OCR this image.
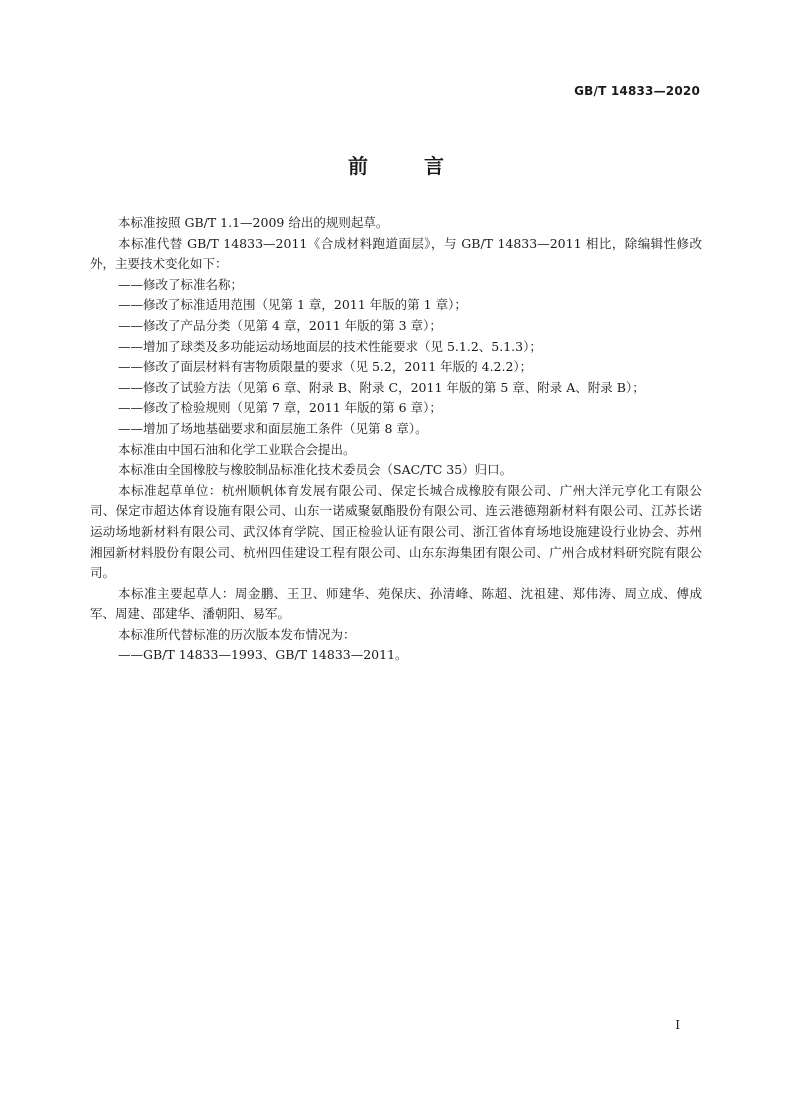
GB/T 14833—2020
前	言

本标准按照 GB/T 1.1—2009 给出的规则起草。

本标准代替 GB/T 14833—2011《合成材料跑道面层》，与 GB/T 14833—2011 相比，除编辑性修改外，主要技术变化如下：

——修改了标准名称；

——修改了标准适用范围（见第 1 章，2011 年版的第 1 章）；

——修改了产品分类（见第 4 章，2011 年版的第 3 章）；

——增加了球类及多功能运动场地面层的技术性能要求（见 5.1.2、5.1.3）；

——修改了面层材料有害物质限量的要求（见 5.2，2011 年版的 4.2.2）；

——修改了试验方法（见第 6 章、附录 B、附录 C，2011 年版的第 5 章、附录 A、附录 B）；

——修改了检验规则（见第 7 章，2011 年版的第 6 章）；

——增加了场地基础要求和面层施工条件（见第 8 章）。

本标准由中国石油和化学工业联合会提出。

本标准由全国橡胶与橡胶制品标准化技术委员会（SAC/TC 35）归口。

本标准起草单位：杭州顺帆体育发展有限公司、保定长城合成橡胶有限公司、广州大洋元亨化工有限公司、保定市超达体育设施有限公司、山东一诺威聚氨酯股份有限公司、连云港德翔新材料有限公司、江苏长诺运动场地新材料有限公司、武汉体育学院、国正检验认证有限公司、浙江省体育场地设施建设行业协会、苏州湘园新材料股份有限公司、杭州四佳建设工程有限公司、山东东海集团有限公司、广州合成材料研究院有限公司。

本标准主要起草人：周金鹏、王卫、师建华、苑保庆、孙清峰、陈超、沈祖建、郑伟涛、周立成、傅成军、周建、邵建华、潘朝阳、易军。

本标准所代替标准的历次版本发布情况为：

——GB/T 14833—1993、GB/T 14833—2011。

I
